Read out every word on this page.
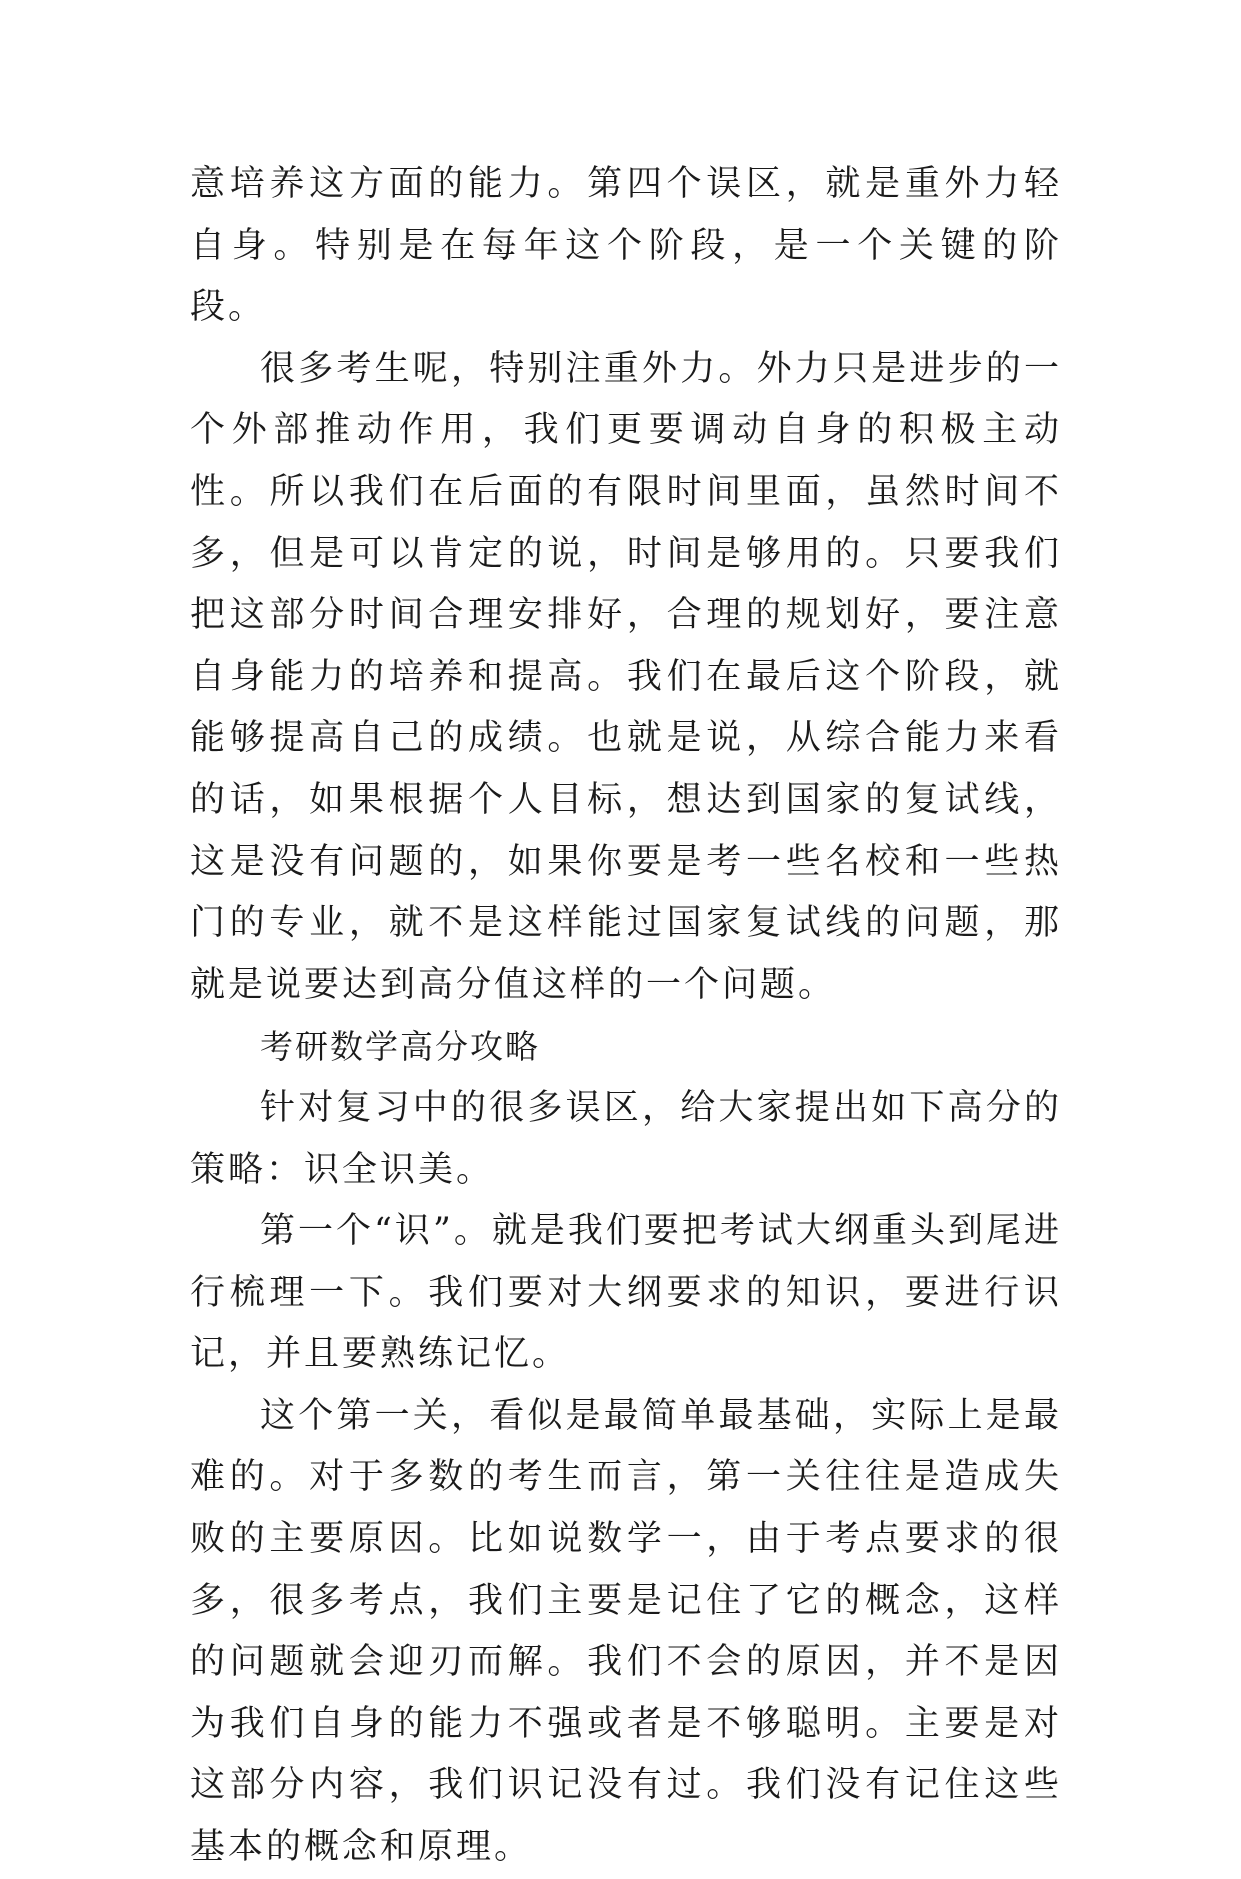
意培养这方面的能力。第四个误区，就是重外力轻自身。特别是在每年这个阶段，是一个关键的阶段。

很多考生呢，特别注重外力。外力只是进步的一个外部推动作用，我们更要调动自身的积极主动性。所以我们在后面的有限时间里面，虽然时间不多，但是可以肯定的说，时间是够用的。只要我们把这部分时间合理安排好，合理的规划好，要注意自身能力的培养和提高。我们在最后这个阶段，就能够提高自己的成绩。也就是说，从综合能力来看的话，如果根据个人目标，想达到国家的复试线，这是没有问题的，如果你要是考一些名校和一些热门的专业，就不是这样能过国家复试线的问题，那就是说要达到高分值这样的一个问题。

考研数学高分攻略

针对复习中的很多误区，给大家提出如下高分的策略：识全识美。

第一个“识”。就是我们要把考试大纲重头到尾进行梳理一下。我们要对大纲要求的知识，要进行识记，并且要熟练记忆。

这个第一关，看似是最简单最基础，实际上是最难的。对于多数的考生而言，第一关往往是造成失败的主要原因。比如说数学一，由于考点要求的很多，很多考点，我们主要是记住了它的概念，这样的问题就会迎刃而解。我们不会的原因，并不是因为我们自身的能力不强或者是不够聪明。主要是对这部分内容，我们识记没有过。我们没有记住这些基本的概念和原理。
